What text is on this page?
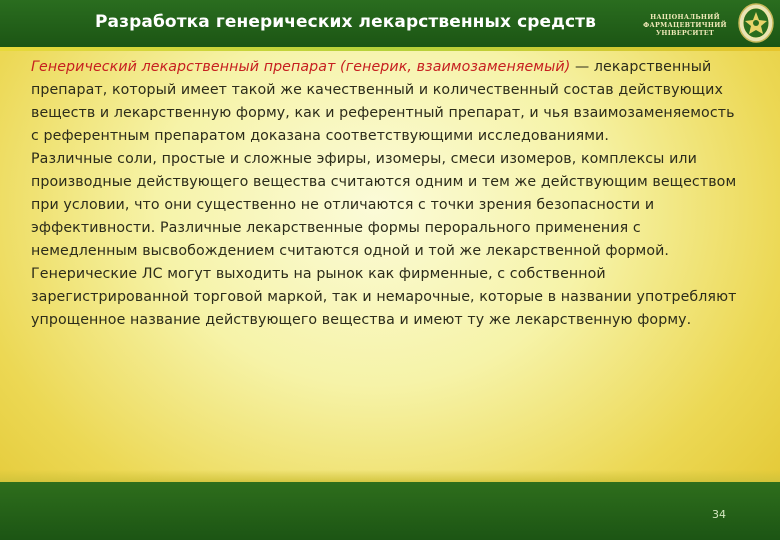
Разработка генерических лекарственных средств	НАЦІОНАЛЬНИЙ
ФАРМАЦЕВТИЧНИЙ
УНІВЕРСИТЕТ

Генерический лекарственный препарат (генерик, взаимозаменяемый) — лекарственный препарат, который имеет такой же качественный и количественный состав действующих веществ и лекарственную форму, как и референтный препарат, и чья взаимозаменяемость с референтным препаратом доказана соответствующими исследованиями.

Различные соли, простые и сложные эфиры, изомеры, смеси изомеров, комплексы или производные действующего вещества считаются одним и тем же действующим веществом при условии, что они существенно не отличаются с точки зрения безопасности и эффективности. Различные лекарственные формы перорального применения с немедленным высвобождением считаются одной и той же лекарственной формой.

Генерические ЛС могут выходить на рынок как фирменные, с собственной зарегистрированной торговой маркой, так и немарочные, которые в названии употребляют упрощенное название действующего вещества и имеют ту же лекарственную форму.

34
